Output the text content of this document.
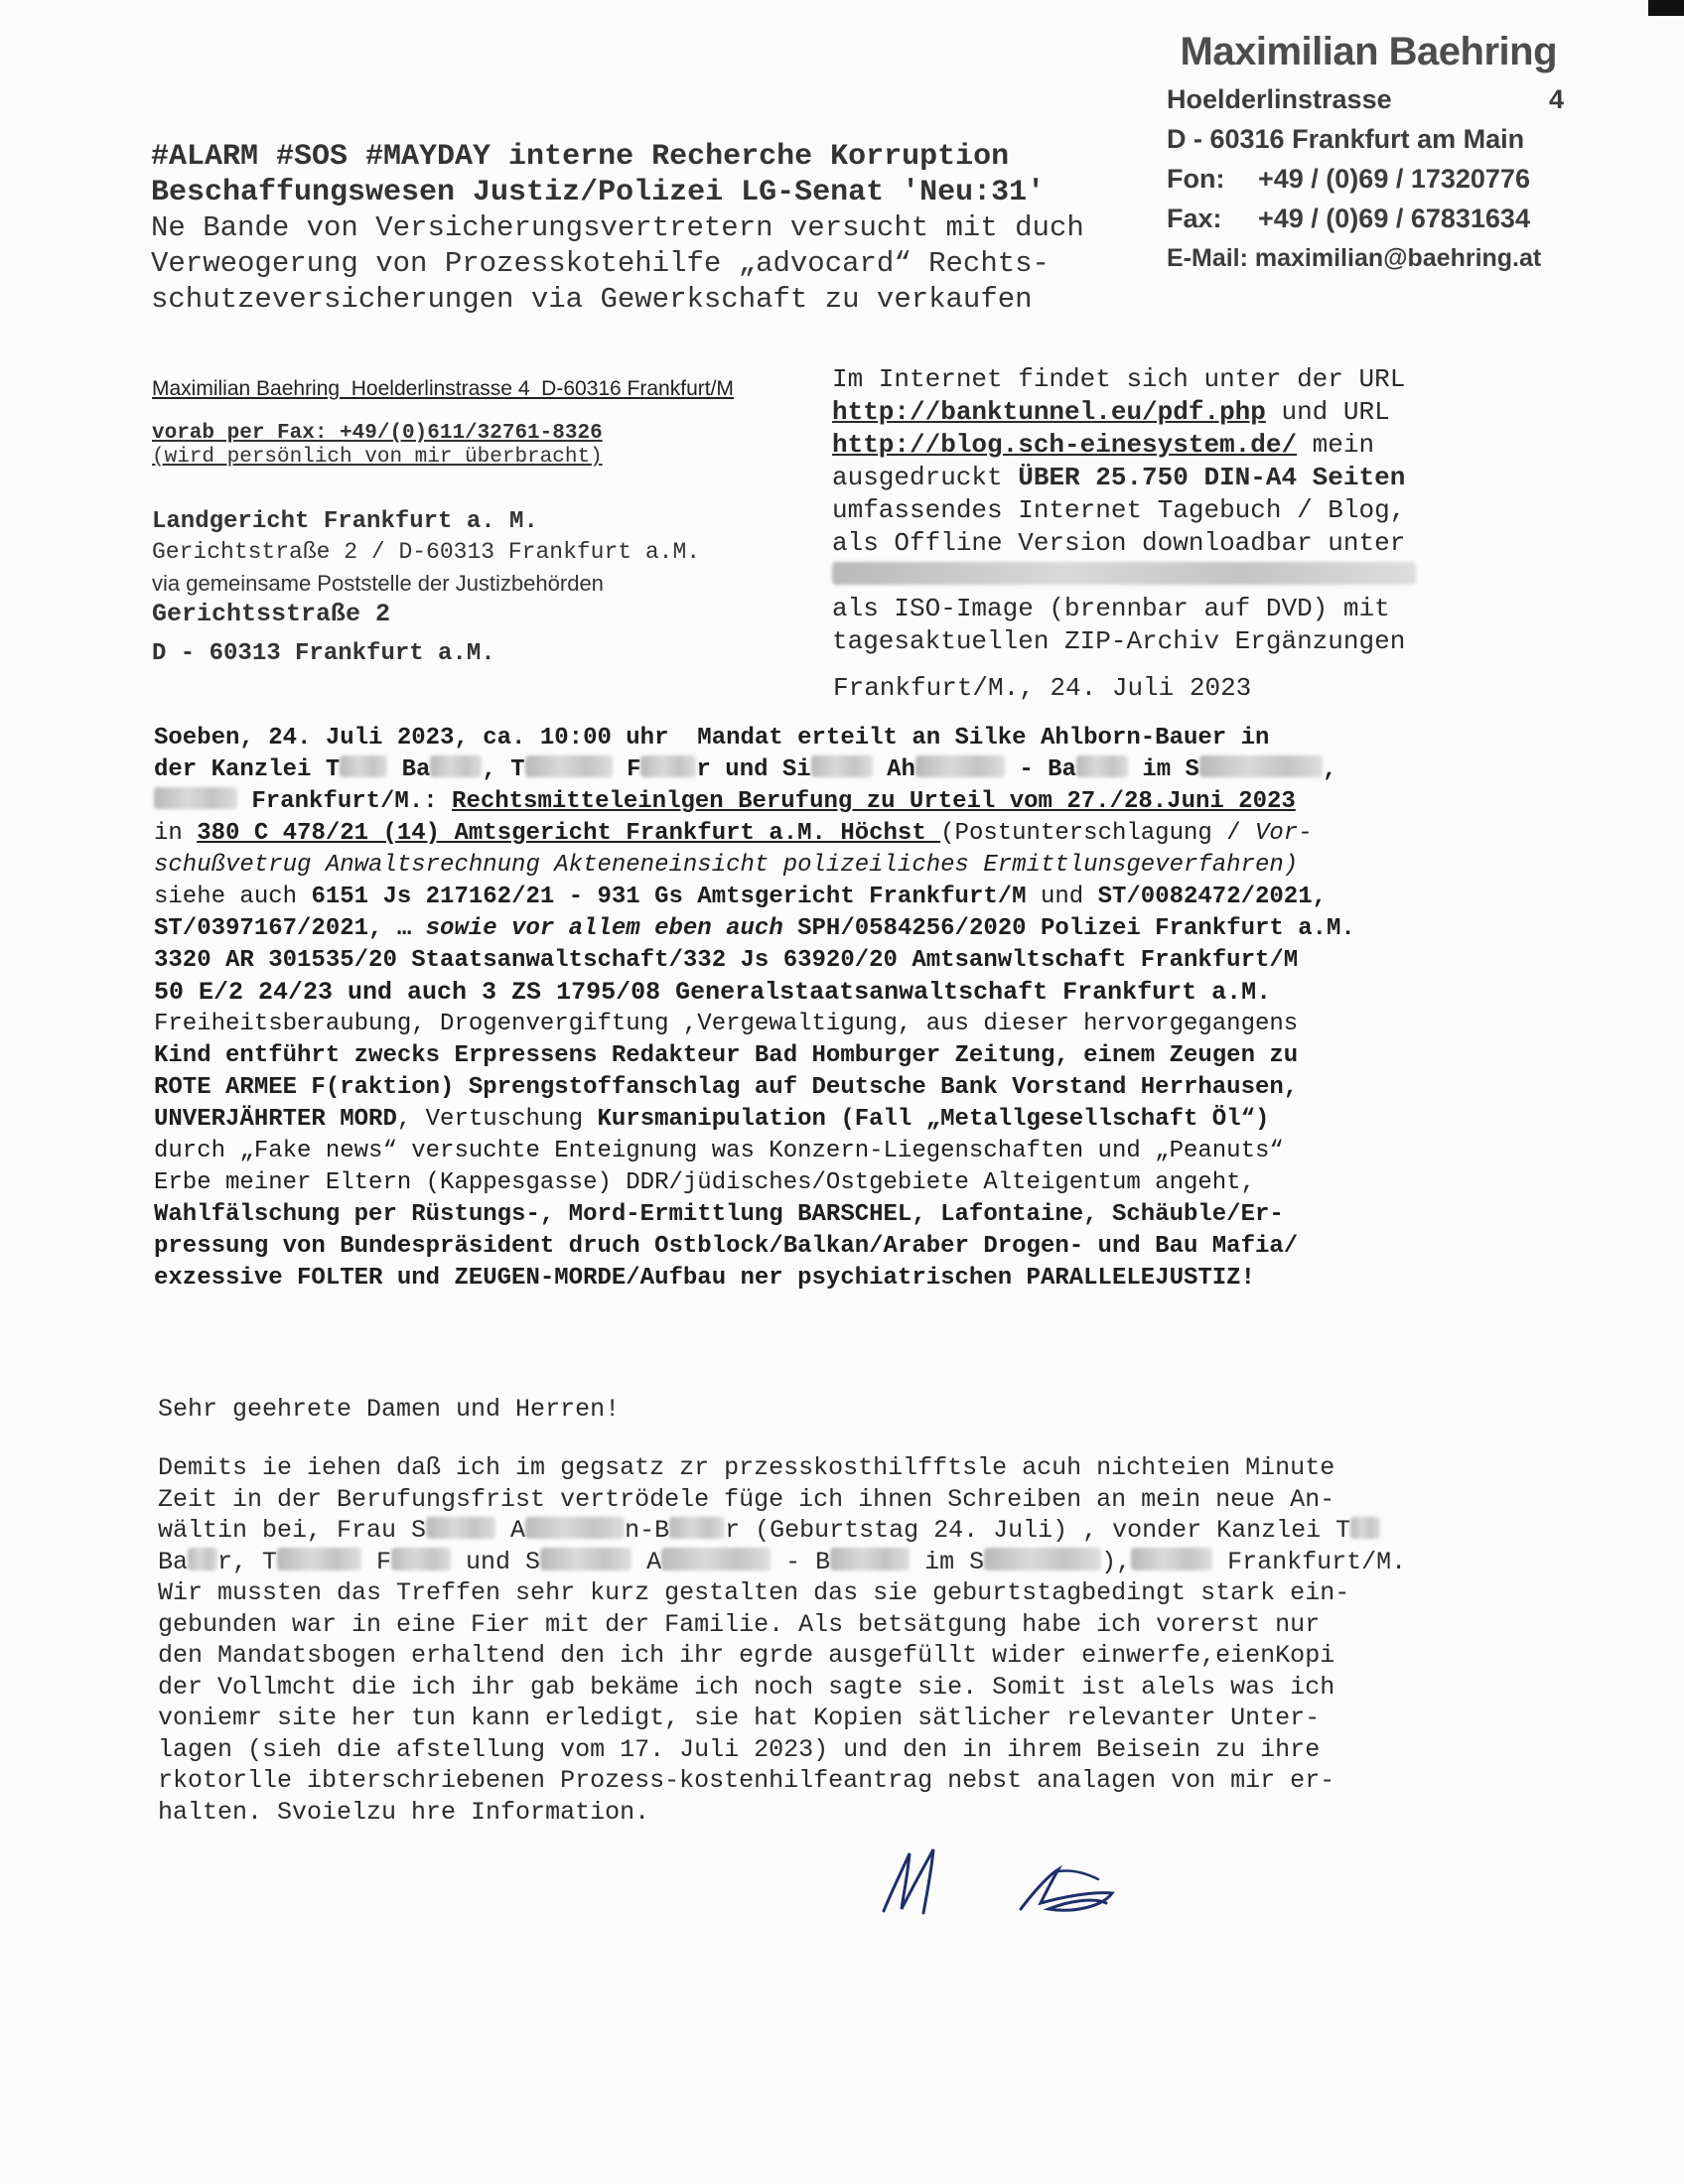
Maximilian Baehring
Hoelderlinstrasse	4
D - 60316 Frankfurt am Main
Fon:	+49 / (0)69 / 17320776
Fax:	+49 / (0)69 / 67831634
E-Mail: maximilian@baehring.at
#ALARM #SOS #MAYDAY interne Recherche Korruption
Beschaffungswesen Justiz/Polizei LG-Senat 'Neu:31'
Ne Bande von Versicherungsvertretern versucht mit duch
Verweogerung von Prozesskotehilfe „advocard“ Rechts-
schutzeversicherungen via Gewerkschaft zu verkaufen
Maximilian Baehring  Hoelderlinstrasse 4  D-60316 Frankfurt/M
vorab per Fax: +49/(0)611/32761-8326
(wird persönlich von mir überbracht)
Landgericht Frankfurt a. M.
Gerichtstraße 2 / D-60313 Frankfurt a.M.
via gemeinsame Poststelle der Justizbehörden
Gerichtsstraße 2
D - 60313 Frankfurt a.M.
Im Internet findet sich unter der URL
http://banktunnel.eu/pdf.php und URL
http://blog.sch-einesystem.de/ mein
ausgedruckt ÜBER 25.750 DIN-A4 Seiten
umfassendes Internet Tagebuch / Blog,
als Offline Version downloadbar unter
als ISO-Image (brennbar auf DVD) mit
tagesaktuellen ZIP-Archiv Ergänzungen
Frankfurt/M., 24. Juli 2023
Soeben, 24. Juli 2023, ca. 10:00 uhr  Mandat erteilt an Silke Ahlborn-Bauer in
der Kanzlei T Ba , T	F r und Si	Ah	- Ba im S	,
Frankfurt/M.: Rechtsmitteleinlgen Berufung zu Urteil vom 27./28.Juni 2023
in 380 C 478/21 (14) Amtsgericht Frankfurt a.M. Höchst (Postunterschlagung / Vor-
schußvetrug Anwaltsrechnung Akteneneinsicht polizeiliches Ermittlunsgeverfahren)
siehe auch 6151 Js 217162/21 - 931 Gs Amtsgericht Frankfurt/M und ST/0082472/2021,
ST/0397167/2021, … sowie vor allem eben auch SPH/0584256/2020 Polizei Frankfurt a.M.
3320 AR 301535/20 Staatsanwaltschaft/332 Js 63920/20 Amtsanwltschaft Frankfurt/M
50 E/2 24/23 und auch 3 ZS 1795/08 Generalstaatsanwaltschaft Frankfurt a.M.
Freiheitsberaubung, Drogenvergiftung ,Vergewaltigung, aus dieser hervorgegangens
Kind entführt zwecks Erpressens Redakteur Bad Homburger Zeitung, einem Zeugen zu
ROTE ARMEE F(raktion) Sprengstoffanschlag auf Deutsche Bank Vorstand Herrhausen,
UNVERJÄHRTER MORD, Vertuschung Kursmanipulation (Fall „Metallgesellschaft Öl“)
durch „Fake news“ versuchte Enteignung was Konzern-Liegenschaften und „Peanuts“
Erbe meiner Eltern (Kappesgasse) DDR/jüdisches/Ostgebiete Alteigentum angeht,
Wahlfälschung per Rüstungs-, Mord-Ermittlung BARSCHEL, Lafontaine, Schäuble/Er-
pressung von Bundespräsident druch Ostblock/Balkan/Araber Drogen- und Bau Mafia/
exzessive FOLTER und ZEUGEN-MORDE/Aufbau ner psychiatrischen PARALLELEJUSTIZ!
Sehr geehrete Damen und Herren!
Demits ie iehen daß ich im gegsatz zr przesskosthilfftsle acuh nichteien Minute
Zeit in der Berufungsfrist vertrödele füge ich ihnen Schreiben an mein neue An-
wältin bei, Frau S	A	n-B r (Geburtstag 24. Juli) , vonder Kanzlei T
Ba r, T	F und S	A	- B	im S	),	Frankfurt/M.
Wir mussten das Treffen sehr kurz gestalten das sie geburtstagbedingt stark ein-
gebunden war in eine Fier mit der Familie. Als betsätgung habe ich vorerst nur
den Mandatsbogen erhaltend den ich ihr egrde ausgefüllt wider einwerfe,eienKopi
der Vollmcht die ich ihr gab bekäme ich noch sagte sie. Somit ist alels was ich
voniemr site her tun kann erledigt, sie hat Kopien sätlicher relevanter Unter-
lagen (sieh die afstellung vom 17. Juli 2023) und den in ihrem Beisein zu ihre
rkotorlle ibterschriebenen Prozess-kostenhilfeantrag nebst analagen von mir er-
halten. Svoielzu hre Information.
